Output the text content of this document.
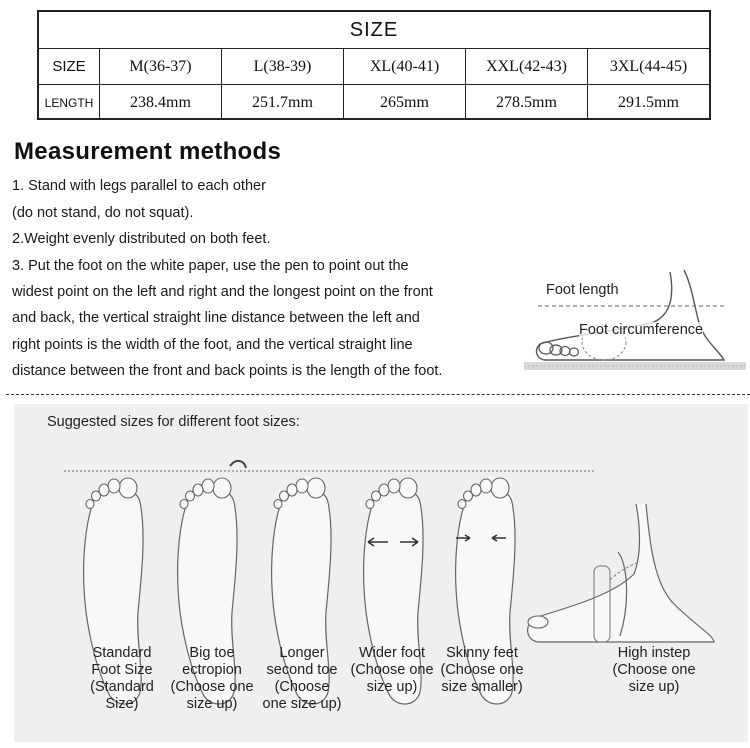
SIZE
SIZE	M(36-37)	L(38-39)	XL(40-41)	XXL(42-43)	3XL(44-45)
LENGTH	238.4mm	251.7mm	265mm	278.5mm	291.5mm
Measurement methods
1. Stand with legs parallel to each other
(do not stand, do not squat).
2.Weight evenly distributed on both feet.
3. Put the foot on the white paper, use the pen to point out the
widest point on the left and right and the longest point on the front
and back, the vertical straight line distance between the left and
right points is the width of the foot, and the vertical straight line
distance between the front and back points is the length of the foot.
Foot length
Foot circumference
Suggested sizes for different foot sizes:
Standard
Foot Size
(Standard
Size)
Big toe
ectropion
(Choose one
size up)
Longer
second toe
(Choose
one size up)
Wider foot
(Choose one
size up)
Skinny feet
(Choose one
size smaller)
High instep
(Choose one
size up)
